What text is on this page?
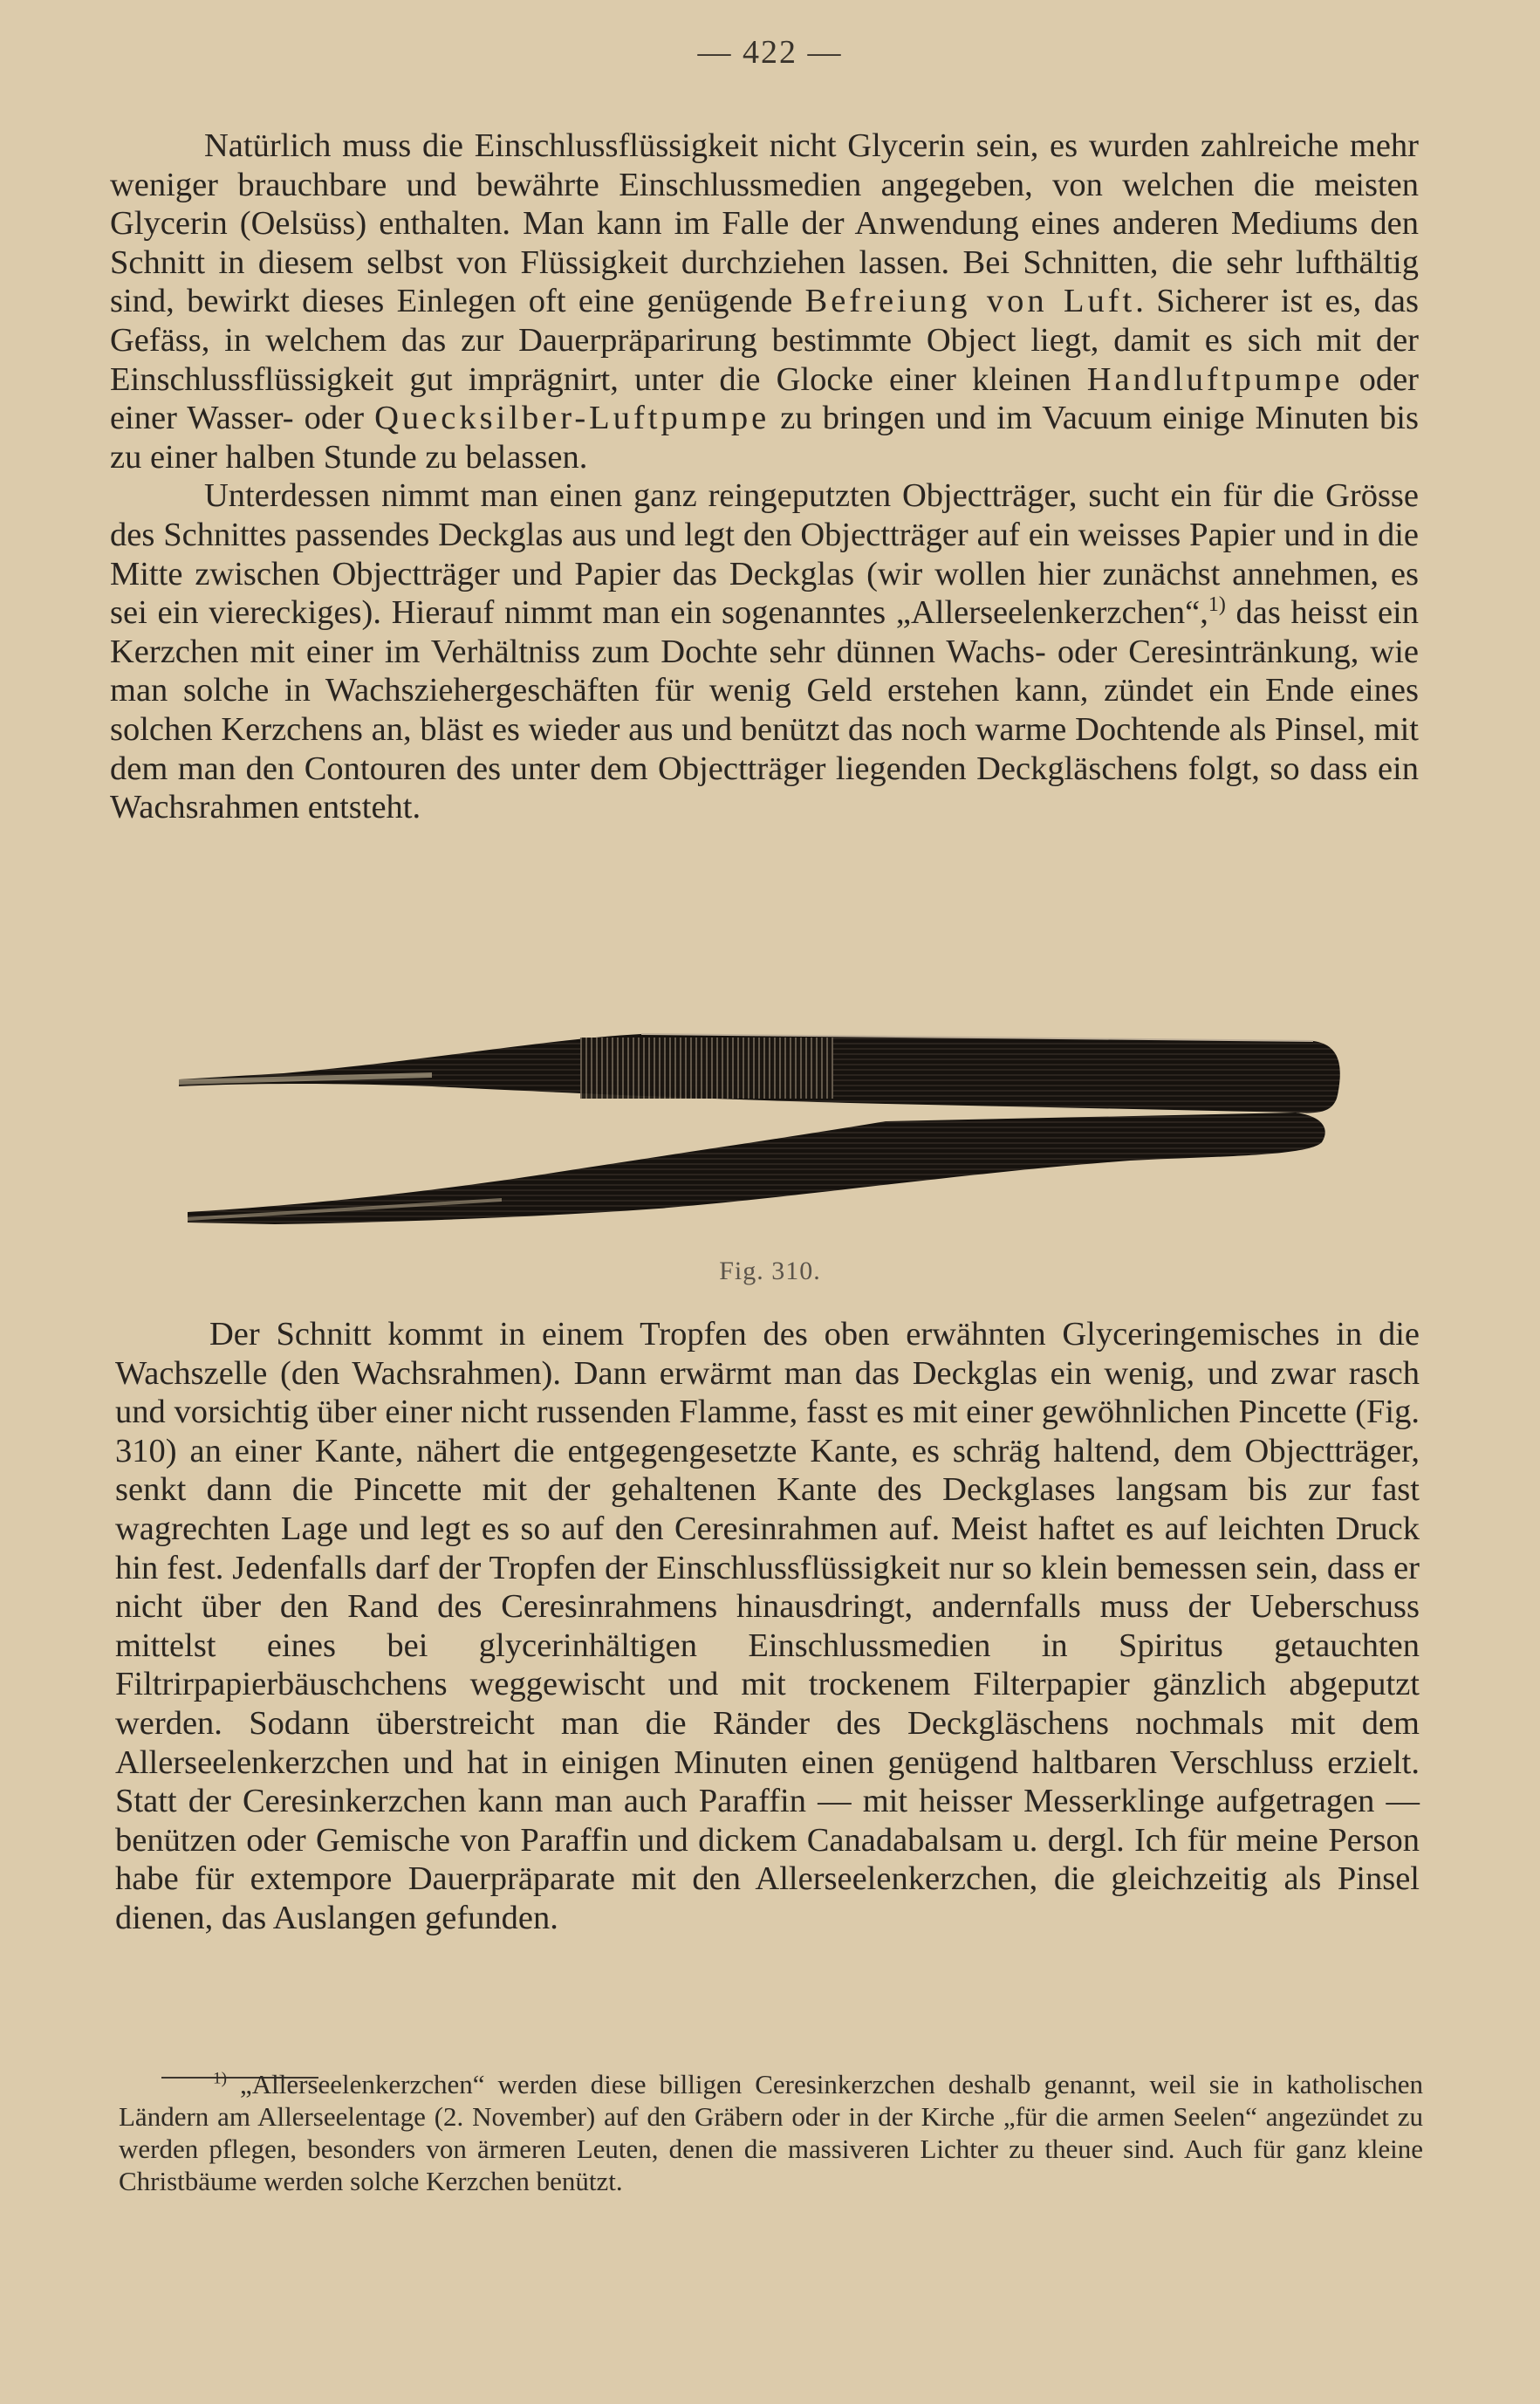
— 422 —

Natürlich muss die Einschlussflüssigkeit nicht Glycerin sein, es wurden zahlreiche mehr weniger brauchbare und bewährte Einschlussmedien angegeben, von welchen die meisten Glycerin (Oelsüss) enthalten. Man kann im Falle der Anwendung eines anderen Mediums den Schnitt in diesem selbst von Flüssigkeit durchziehen lassen. Bei Schnitten, die sehr lufthältig sind, bewirkt dieses Einlegen oft eine genügende Befreiung von Luft. Sicherer ist es, das Gefäss, in welchem das zur Dauerpräparirung bestimmte Object liegt, damit es sich mit der Einschlussflüssigkeit gut imprägnirt, unter die Glocke einer kleinen Handluftpumpe oder einer Wasser- oder Quecksilber-Luftpumpe zu bringen und im Vacuum einige Minuten bis zu einer halben Stunde zu belassen.

Unterdessen nimmt man einen ganz reingeputzten Objectträger, sucht ein für die Grösse des Schnittes passendes Deckglas aus und legt den Objectträger auf ein weisses Papier und in die Mitte zwischen Objectträger und Papier das Deckglas (wir wollen hier zunächst annehmen, es sei ein viereckiges). Hierauf nimmt man ein sogenanntes „Allerseelenkerzchen“,$^{1)}$ das heisst ein Kerzchen mit einer im Verhältniss zum Dochte sehr dünnen Wachs- oder Ceresintränkung, wie man solche in Wachsziehergeschäften für wenig Geld erstehen kann, zündet ein Ende eines solchen Kerzchens an, bläst es wieder aus und benützt das noch warme Dochtende als Pinsel, mit dem man den Contouren des unter dem Objectträger liegenden Deckgläschens folgt, so dass ein Wachsrahmen entsteht.

Fig. 310.

Der Schnitt kommt in einem Tropfen des oben erwähnten Glyceringemisches in die Wachszelle (den Wachsrahmen). Dann erwärmt man das Deckglas ein wenig, und zwar rasch und vorsichtig über einer nicht russenden Flamme, fasst es mit einer gewöhnlichen Pincette (Fig. 310) an einer Kante, nähert die entgegengesetzte Kante, es schräg haltend, dem Objectträger, senkt dann die Pincette mit der gehaltenen Kante des Deckglases langsam bis zur fast wagrechten Lage und legt es so auf den Ceresinrahmen auf. Meist haftet es auf leichten Druck hin fest. Jedenfalls darf der Tropfen der Einschlussflüssigkeit nur so klein bemessen sein, dass er nicht über den Rand des Ceresinrahmens hinausdringt, andernfalls muss der Ueberschuss mittelst eines bei glycerinhältigen Einschlussmedien in Spiritus getauchten Filtrirpapierbäuschchens weggewischt und mit trockenem Filterpapier gänzlich abgeputzt werden. Sodann überstreicht man die Ränder des Deckgläschens nochmals mit dem Allerseelenkerzchen und hat in einigen Minuten einen genügend haltbaren Verschluss erzielt. Statt der Ceresinkerzchen kann man auch Paraffin — mit heisser Messerklinge aufgetragen — benützen oder Gemische von Paraffin und dickem Canadabalsam u. dergl. Ich für meine Person habe für extempore Dauerpräparate mit den Allerseelenkerzchen, die gleichzeitig als Pinsel dienen, das Auslangen gefunden.

$^{1)}$ „Allerseelenkerzchen“ werden diese billigen Ceresinkerzchen deshalb genannt, weil sie in katholischen Ländern am Allerseelentage (2. November) auf den Gräbern oder in der Kirche „für die armen Seelen“ angezündet zu werden pflegen, besonders von ärmeren Leuten, denen die massiveren Lichter zu theuer sind. Auch für ganz kleine Christbäume werden solche Kerzchen benützt.
